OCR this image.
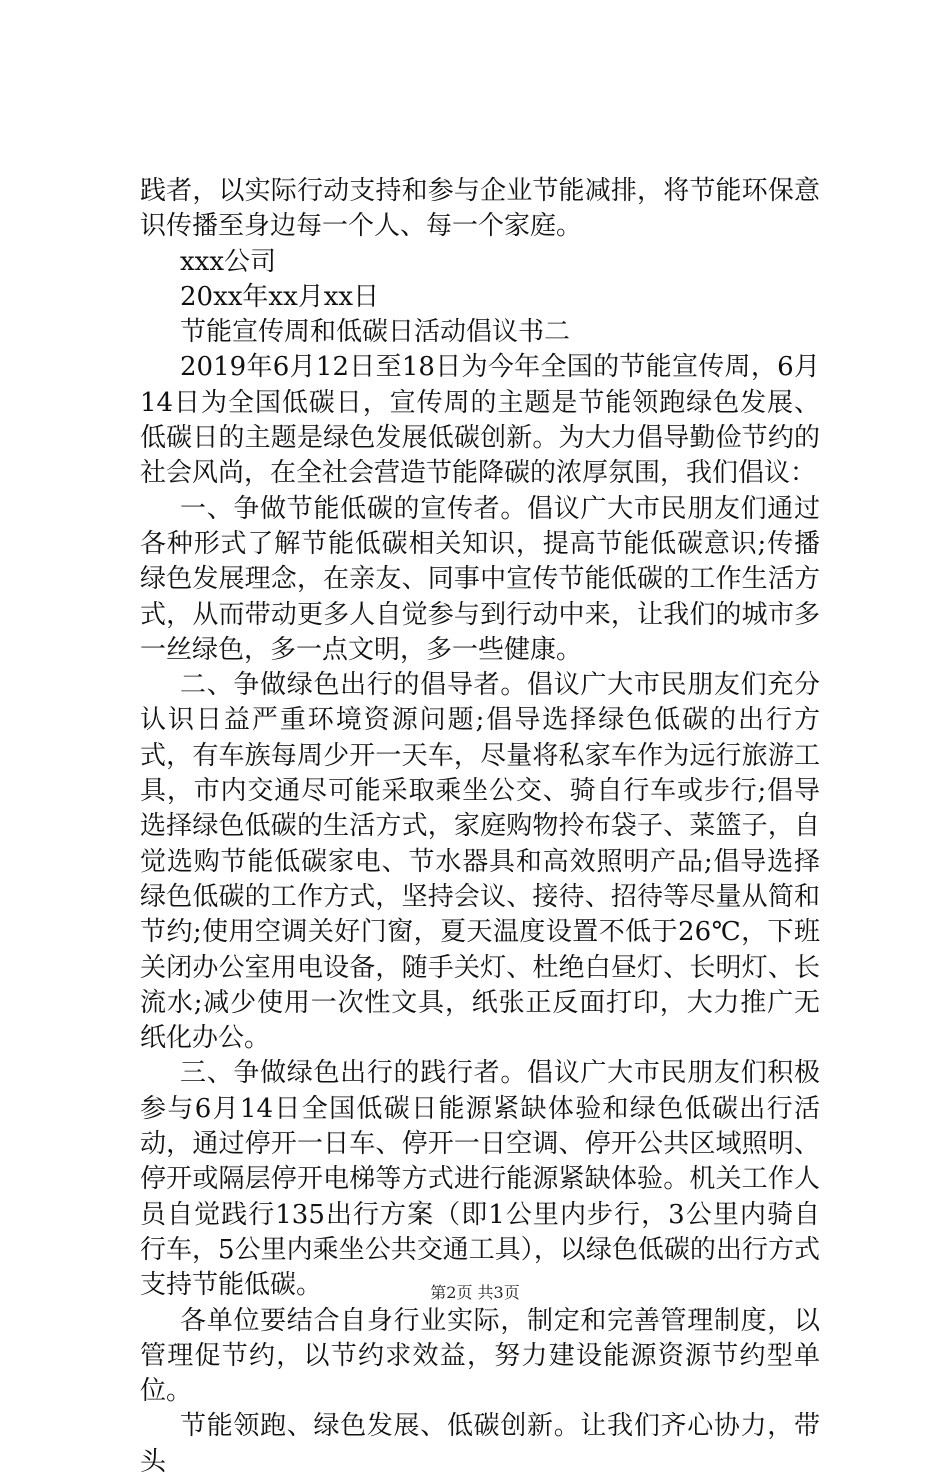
践者，以实际行动支持和参与企业节能减排，将节能环保意识传播至身边每一个人、每一个家庭。

xxx公司

20xx年xx月xx日

节能宣传周和低碳日活动倡议书二

2019年6月12日至18日为今年全国的节能宣传周，6月14日为全国低碳日，宣传周的主题是节能领跑绿色发展、低碳日的主题是绿色发展低碳创新。为大力倡导勤俭节约的社会风尚，在全社会营造节能降碳的浓厚氛围，我们倡议：

一、争做节能低碳的宣传者。倡议广大市民朋友们通过各种形式了解节能低碳相关知识，提高节能低碳意识;传播绿色发展理念，在亲友、同事中宣传节能低碳的工作生活方式，从而带动更多人自觉参与到行动中来，让我们的城市多一丝绿色，多一点文明，多一些健康。

二、争做绿色出行的倡导者。倡议广大市民朋友们充分认识日益严重环境资源问题;倡导选择绿色低碳的出行方式，有车族每周少开一天车，尽量将私家车作为远行旅游工具，市内交通尽可能采取乘坐公交、骑自行车或步行;倡导选择绿色低碳的生活方式，家庭购物拎布袋子、菜篮子，自觉选购节能低碳家电、节水器具和高效照明产品;倡导选择绿色低碳的工作方式，坚持会议、接待、招待等尽量从简和节约;使用空调关好门窗，夏天温度设置不低于26℃，下班关闭办公室用电设备，随手关灯、杜绝白昼灯、长明灯、长流水;减少使用一次性文具，纸张正反面打印，大力推广无纸化办公。

三、争做绿色出行的践行者。倡议广大市民朋友们积极参与6月14日全国低碳日能源紧缺体验和绿色低碳出行活动，通过停开一日车、停开一日空调、停开公共区域照明、停开或隔层停开电梯等方式进行能源紧缺体验。机关工作人员自觉践行135出行方案（即1公里内步行，3公里内骑自行车，5公里内乘坐公共交通工具），以绿色低碳的出行方式支持节能低碳。

各单位要结合自身行业实际，制定和完善管理制度，以管理促节约，以节约求效益，努力建设能源资源节约型单位。

节能领跑、绿色发展、低碳创新。让我们齐心协力，带头

第2页 共3页
